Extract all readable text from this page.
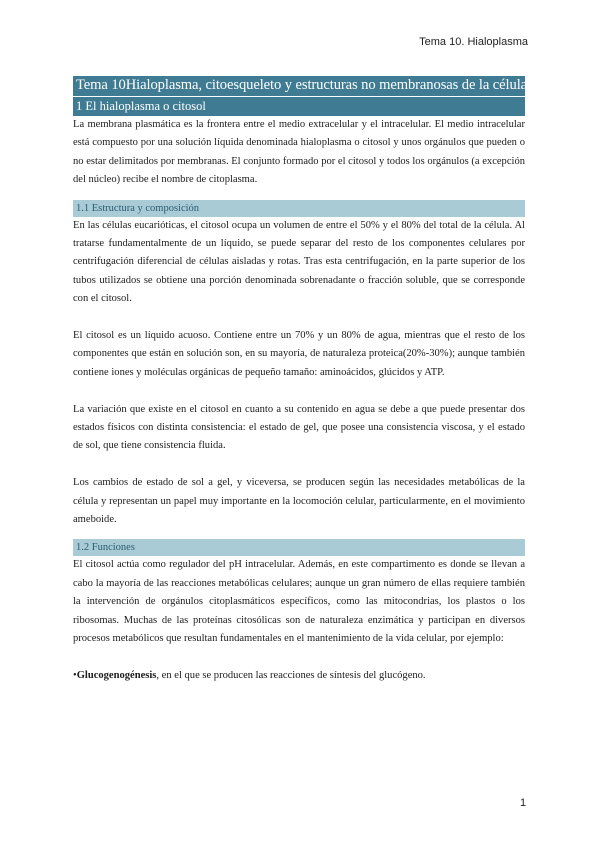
Tema 10. Hialoplasma
Tema 10Hialoplasma, citoesqueleto y estructuras no membranosas de la célula
1 El hialoplasma o citosol

La membrana plasmática es la frontera entre el medio extracelular y el intracelular. El medio intracelular está compuesto por una solución líquida denominada hialoplasma o citosol y unos orgánulos que pueden o no estar delimitados por membranas. El conjunto formado por el citosol y todos los orgánulos (a excepción del núcleo) recibe el nombre de citoplasma.

1.1 Estructura y composición

En las células eucarióticas, el citosol ocupa un volumen de entre el 50% y el 80% del total de la célula. Al tratarse fundamentalmente de un líquido, se puede separar del resto de los componentes celulares por centrifugación diferencial de células aisladas y rotas. Tras esta centrifugación, en la parte superior de los tubos utilizados se obtiene una porción denominada sobrenadante o fracción soluble, que se corresponde con el citosol.

El citosol es un líquido acuoso. Contiene entre un 70% y un 80% de agua, mientras que el resto de los componentes que están en solución son, en su mayoría, de naturaleza proteica(20%-30%); aunque también contiene iones y moléculas orgánicas de pequeño tamaño: aminoácidos, glúcidos y ATP.

La variación que existe en el citosol en cuanto a su contenido en agua se debe a que puede presentar dos estados físicos con distinta consistencia: el estado de gel, que posee una consistencia viscosa, y el estado de sol, que tiene consistencia fluida.

Los cambios de estado de sol a gel, y viceversa, se producen según las necesidades metabólicas de la célula y representan un papel muy importante en la locomoción celular, particularmente, en el movimiento ameboide.

1.2 Funciones

El citosol actúa como regulador del pH intracelular. Además, en este compartimento es donde se llevan a cabo la mayoría de las reacciones metabólicas celulares; aunque un gran número de ellas requiere también la intervención de orgánulos citoplasmáticos específicos, como las mitocondrias, los plastos o los ribosomas. Muchas de las proteínas citosólicas son de naturaleza enzimática y participan en diversos procesos metabólicos que resultan fundamentales en el mantenimiento de la vida celular, por ejemplo:

•Glucogenogénesis, en el que se producen las reacciones de síntesis del glucógeno.

1
